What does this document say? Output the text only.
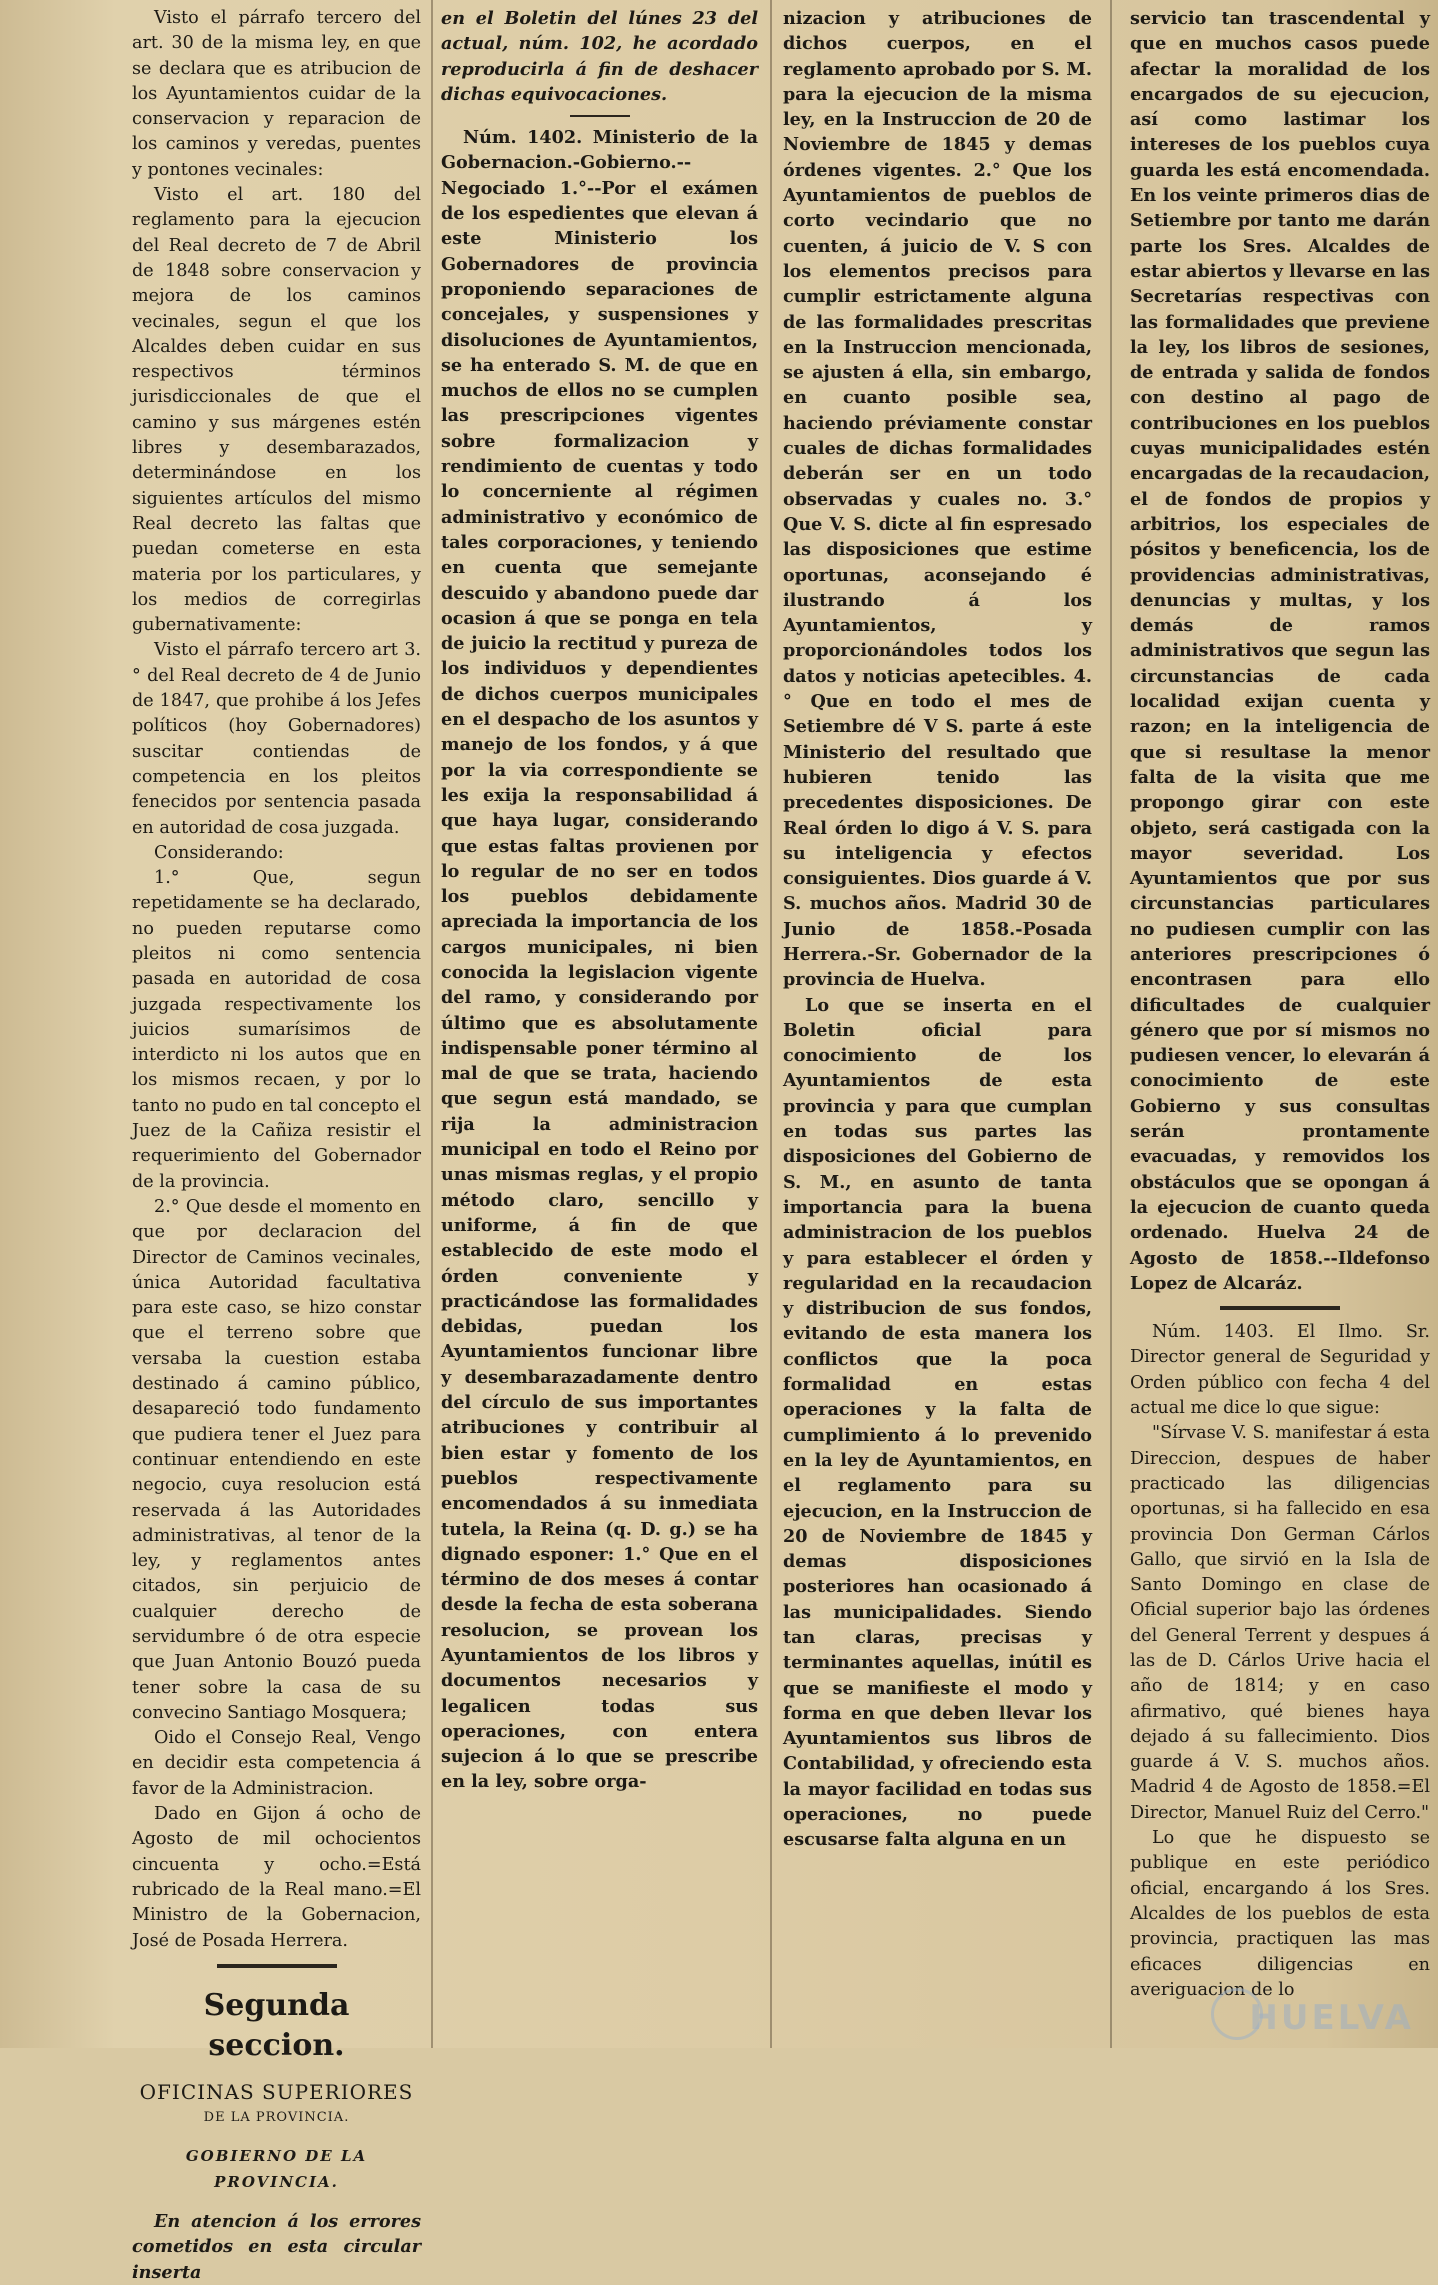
Visto el párrafo tercero del art. 30 de la misma ley, en que se declara que es atribucion de los Ayuntamientos cuidar de la conservacion y reparacion de los caminos y veredas, puentes y pontones vecinales:

Visto el art. 180 del reglamento para la ejecucion del Real decreto de 7 de Abril de 1848 sobre conservacion y mejora de los caminos vecinales, segun el que los Alcaldes deben cuidar en sus respectivos términos jurisdiccionales de que el camino y sus márgenes estén libres y desembarazados, determinándose en los siguientes artículos del mismo Real decreto las faltas que puedan cometerse en esta materia por los particulares, y los medios de corregirlas gubernativamente:

Visto el párrafo tercero art 3.° del Real decreto de 4 de Junio de 1847, que prohibe á los Jefes políticos (hoy Gobernadores) suscitar contiendas de competencia en los pleitos fenecidos por sentencia pasada en autoridad de cosa juzgada.

Considerando:

1.° Que, segun repetidamente se ha declarado, no pueden reputarse como pleitos ni como sentencia pasada en autoridad de cosa juzgada respectivamente los juicios sumarísimos de interdicto ni los autos que en los mismos recaen, y por lo tanto no pudo en tal concepto el Juez de la Cañiza resistir el requerimiento del Gobernador de la provincia.

2.° Que desde el momento en que por declaracion del Director de Caminos vecinales, única Autoridad facultativa para este caso, se hizo constar que el terreno sobre que versaba la cuestion estaba destinado á camino público, desapareció todo fundamento que pudiera tener el Juez para continuar entendiendo en este negocio, cuya resolucion está reservada á las Autoridades administrativas, al tenor de la ley, y reglamentos antes citados, sin perjuicio de cualquier derecho de servidumbre ó de otra especie que Juan Antonio Bouzó pueda tener sobre la casa de su convecino Santiago Mosquera;

Oido el Consejo Real, Vengo en decidir esta competencia á favor de la Administracion.

Dado en Gijon á ocho de Agosto de mil ochocientos cincuenta y ocho.=Está rubricado de la Real mano.=El Ministro de la Gobernacion, José de Posada Herrera.

Segunda seccion.
OFICINAS SUPERIORES
DE LA PROVINCIA.
GOBIERNO DE LA PROVINCIA.

En atencion á los errores cometidos en esta circular inserta

en el Boletin del lúnes 23 del actual, núm. 102, he acordado reproducirla á fin de deshacer dichas equivocaciones.

Núm. 1402. Ministerio de la Gobernacion.-Gobierno.--Negociado 1.°--Por el exámen de los espedientes que elevan á este Ministerio los Gobernadores de provincia proponiendo separaciones de concejales, y suspensiones y disoluciones de Ayuntamientos, se ha enterado S. M. de que en muchos de ellos no se cumplen las prescripciones vigentes sobre formalizacion y rendimiento de cuentas y todo lo concerniente al régimen administrativo y económico de tales corporaciones, y teniendo en cuenta que semejante descuido y abandono puede dar ocasion á que se ponga en tela de juicio la rectitud y pureza de los individuos y dependientes de dichos cuerpos municipales en el despacho de los asuntos y manejo de los fondos, y á que por la via correspondiente se les exija la responsabilidad á que haya lugar, considerando que estas faltas provienen por lo regular de no ser en todos los pueblos debidamente apreciada la importancia de los cargos municipales, ni bien conocida la legislacion vigente del ramo, y considerando por último que es absolutamente indispensable poner término al mal de que se trata, haciendo que segun está mandado, se rija la administracion municipal en todo el Reino por unas mismas reglas, y el propio método claro, sencillo y uniforme, á fin de que establecido de este modo el órden conveniente y practicándose las formalidades debidas, puedan los Ayuntamientos funcionar libre y desembarazadamente dentro del círculo de sus importantes atribuciones y contribuir al bien estar y fomento de los pueblos respectivamente encomendados á su inmediata tutela, la Reina (q. D. g.) se ha dignado esponer: 1.° Que en el término de dos meses á contar desde la fecha de esta soberana resolucion, se provean los Ayuntamientos de los libros y documentos necesarios y legalicen todas sus operaciones, con entera sujecion á lo que se prescribe en la ley, sobre orga-

nizacion y atribuciones de dichos cuerpos, en el reglamento aprobado por S. M. para la ejecucion de la misma ley, en la Instruccion de 20 de Noviembre de 1845 y demas órdenes vigentes. 2.° Que los Ayuntamientos de pueblos de corto vecindario que no cuenten, á juicio de V. S con los elementos precisos para cumplir estrictamente alguna de las formalidades prescritas en la Instruccion mencionada, se ajusten á ella, sin embargo, en cuanto posible sea, haciendo préviamente constar cuales de dichas formalidades deberán ser en un todo observadas y cuales no. 3.° Que V. S. dicte al fin espresado las disposiciones que estime oportunas, aconsejando é ilustrando á los Ayuntamientos, y proporcionándoles todos los datos y noticias apetecibles. 4.° Que en todo el mes de Setiembre dé V S. parte á este Ministerio del resultado que hubieren tenido las precedentes disposiciones. De Real órden lo digo á V. S. para su inteligencia y efectos consiguientes. Dios guarde á V. S. muchos años. Madrid 30 de Junio de 1858.-Posada Herrera.-Sr. Gobernador de la provincia de Huelva.

Lo que se inserta en el Boletin oficial para conocimiento de los Ayuntamientos de esta provincia y para que cumplan en todas sus partes las disposiciones del Gobierno de S. M., en asunto de tanta importancia para la buena administracion de los pueblos y para establecer el órden y regularidad en la recaudacion y distribucion de sus fondos, evitando de esta manera los conflictos que la poca formalidad en estas operaciones y la falta de cumplimiento á lo prevenido en la ley de Ayuntamientos, en el reglamento para su ejecucion, en la Instruccion de 20 de Noviembre de 1845 y demas disposiciones posteriores han ocasionado á las municipalidades. Siendo tan claras, precisas y terminantes aquellas, inútil es que se manifieste el modo y forma en que deben llevar los Ayuntamientos sus libros de Contabilidad, y ofreciendo esta la mayor facilidad en todas sus operaciones, no puede escusarse falta alguna en un

servicio tan trascendental y que en muchos casos puede afectar la moralidad de los encargados de su ejecucion, así como lastimar los intereses de los pueblos cuya guarda les está encomendada. En los veinte primeros dias de Setiembre por tanto me darán parte los Sres. Alcaldes de estar abiertos y llevarse en las Secretarías respectivas con las formalidades que previene la ley, los libros de sesiones, de entrada y salida de fondos con destino al pago de contribuciones en los pueblos cuyas municipalidades estén encargadas de la recaudacion, el de fondos de propios y arbitrios, los especiales de pósitos y beneficencia, los de providencias administrativas, denuncias y multas, y los demás de ramos administrativos que segun las circunstancias de cada localidad exijan cuenta y razon; en la inteligencia de que si resultase la menor falta de la visita que me propongo girar con este objeto, será castigada con la mayor severidad. Los Ayuntamientos que por sus circunstancias particulares no pudiesen cumplir con las anteriores prescripciones ó encontrasen para ello dificultades de cualquier género que por sí mismos no pudiesen vencer, lo elevarán á conocimiento de este Gobierno y sus consultas serán prontamente evacuadas, y removidos los obstáculos que se opongan á la ejecucion de cuanto queda ordenado. Huelva 24 de Agosto de 1858.--Ildefonso Lopez de Alcaráz.

Núm. 1403. El Ilmo. Sr. Director general de Seguridad y Orden público con fecha 4 del actual me dice lo que sigue:

"Sírvase V. S. manifestar á esta Direccion, despues de haber practicado las diligencias oportunas, si ha fallecido en esa provincia Don German Cárlos Gallo, que sirvió en la Isla de Santo Domingo en clase de Oficial superior bajo las órdenes del General Terrent y despues á las de D. Cárlos Urive hacia el año de 1814; y en caso afirmativo, qué bienes haya dejado á su fallecimiento. Dios guarde á V. S. muchos años. Madrid 4 de Agosto de 1858.=El Director, Manuel Ruiz del Cerro."

Lo que he dispuesto se publique en este periódico oficial, encargando á los Sres. Alcaldes de los pueblos de esta provincia, practiquen las mas eficaces diligencias en averiguacion de lo

HUELVA
